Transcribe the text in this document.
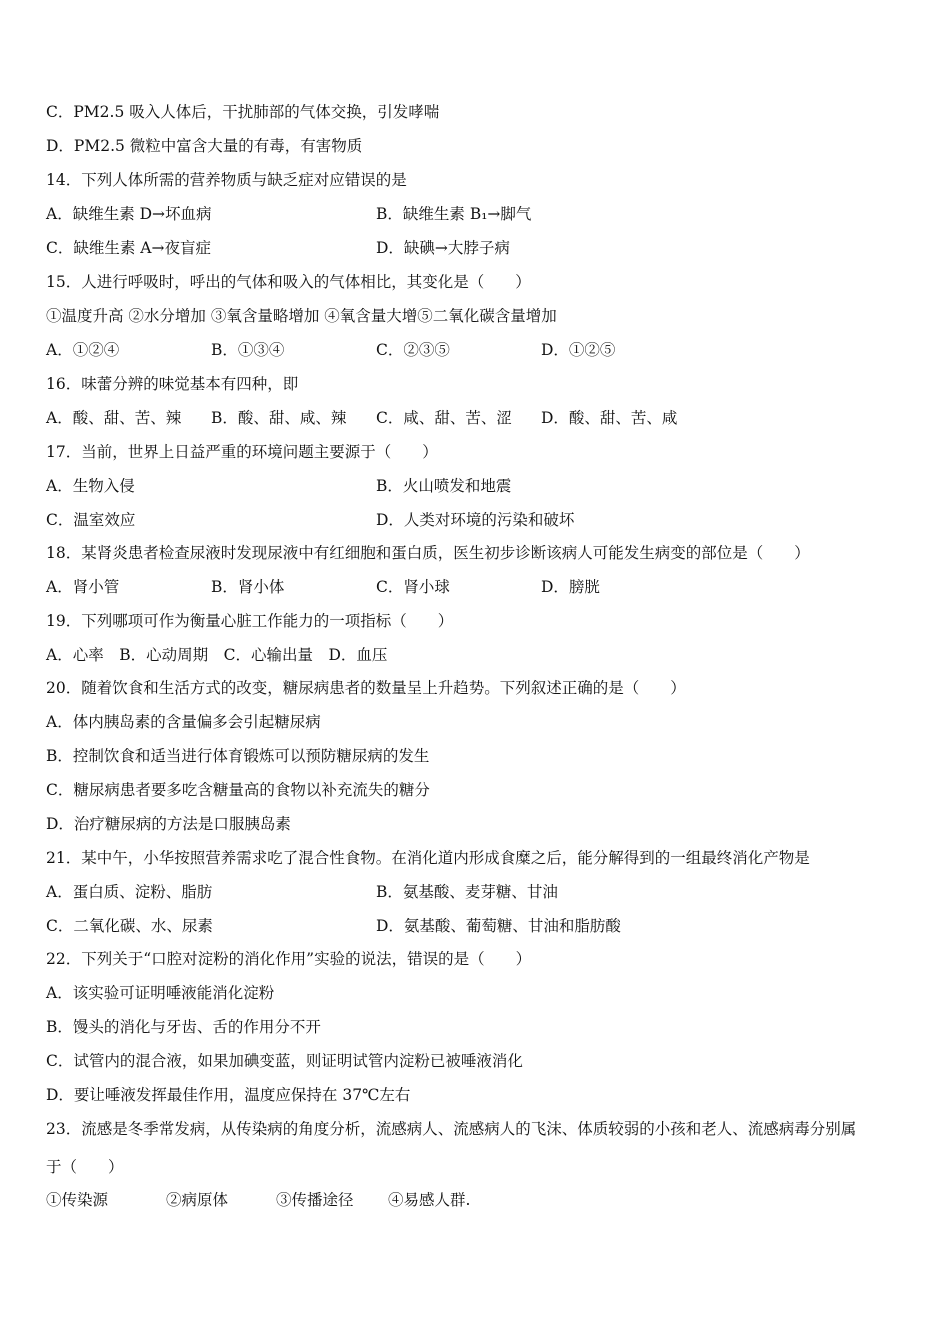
C．PM2.5 吸入人体后，干扰肺部的气体交换，引发哮喘
D．PM2.5 微粒中富含大量的有毒，有害物质
14．下列人体所需的营养物质与缺乏症对应错误的是
A．缺维生素 D→坏血病	B．缺维生素 B₁→脚气
C．缺维生素 A→夜盲症	D．缺碘→大脖子病
15．人进行呼吸时，呼出的气体和吸入的气体相比，其变化是（　　）
①温度升高 ②水分增加 ③氧含量略增加 ④氧含量大增⑤二氧化碳含量增加
A．①②④	B．①③④	C．②③⑤	D．①②⑤
16．味蕾分辨的味觉基本有四种，即
A．酸、甜、苦、辣 B．酸、甜、咸、辣 C．咸、甜、苦、涩 D．酸、甜、苦、咸
17．当前，世界上日益严重的环境问题主要源于（　　）
A．生物入侵	B．火山喷发和地震
C．温室效应	D．人类对环境的污染和破坏
18．某肾炎患者检查尿液时发现尿液中有红细胞和蛋白质，医生初步诊断该病人可能发生病变的部位是（　　）
A．肾小管	B．肾小体	C．肾小球	D．膀胱
19．下列哪项可作为衡量心脏工作能力的一项指标（　　）
A．心率　B．心动周期　C．心输出量　D．血压
20．随着饮食和生活方式的改变，糖尿病患者的数量呈上升趋势。下列叙述正确的是（　　）
A．体内胰岛素的含量偏多会引起糖尿病
B．控制饮食和适当进行体育锻炼可以预防糖尿病的发生
C．糖尿病患者要多吃含糖量高的食物以补充流失的糖分
D．治疗糖尿病的方法是口服胰岛素
21．某中午，小华按照营养需求吃了混合性食物。在消化道内形成食糜之后，能分解得到的一组最终消化产物是
A．蛋白质、淀粉、脂肪	B．氨基酸、麦芽糖、甘油
C．二氧化碳、水、尿素	D．氨基酸、葡萄糖、甘油和脂肪酸
22．下列关于“口腔对淀粉的消化作用”实验的说法，错误的是（　　）
A．该实验可证明唾液能消化淀粉
B．馒头的消化与牙齿、舌的作用分不开
C．试管内的混合液，如果加碘变蓝，则证明试管内淀粉已被唾液消化
D．要让唾液发挥最佳作用，温度应保持在 37℃左右
23．流感是冬季常发病，从传染病的角度分析，流感病人、流感病人的飞沫、体质较弱的小孩和老人、流感病毒分别属
于（　　）
①传染源	②病原体	③传播途径 ④易感人群.
